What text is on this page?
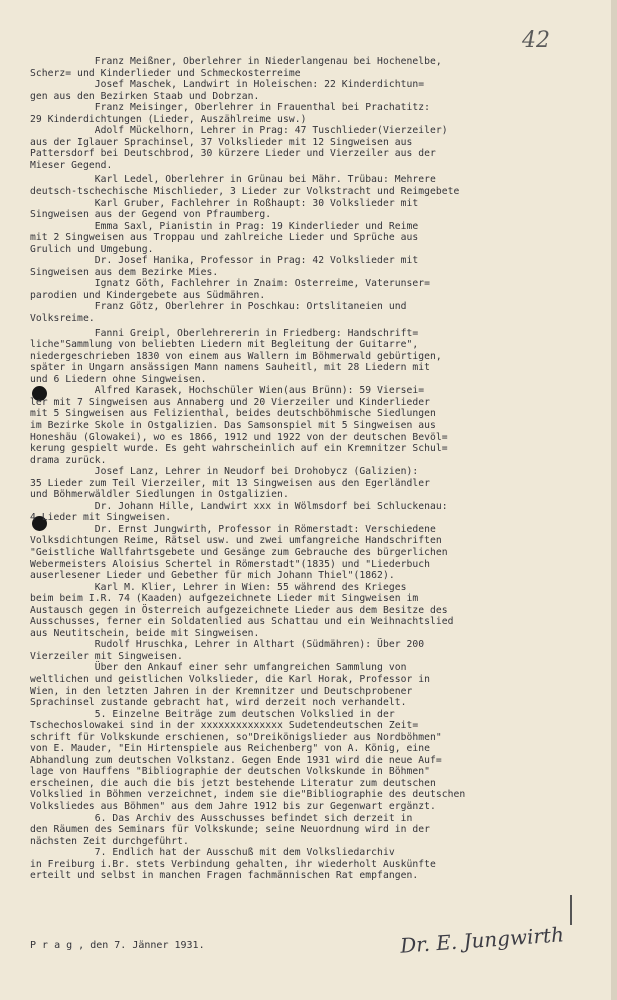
42
Franz Meißner, Oberlehrer in Niederlangenau bei Hochenelbe,
Scherz= und Kinderlieder und Schmeckosterreime
Josef Maschek, Landwirt in Holeischen: 22 Kinderdichtun=
gen aus den Bezirken Staab und Dobrzan.
Franz Meisinger, Oberlehrer in Frauenthal bei Prachatitz:
29 Kinderdichtungen (Lieder, Auszählreime usw.)
Adolf Mückelhorn, Lehrer in Prag: 47 Tuschlieder(Vierzeiler)
aus der Iglauer Sprachinsel, 37 Volkslieder mit 12 Singweisen aus
Pattersdorf bei Deutschbrod, 30 kürzere Lieder und Vierzeiler aus der
Mieser Gegend.
Karl Ledel, Oberlehrer in Grünau bei Mähr. Trübau: Mehrere
deutsch-tschechische Mischlieder, 3 Lieder zur Volkstracht und Reimgebete
Karl Gruber, Fachlehrer in Roßhaupt: 30 Volkslieder mit
Singweisen aus der Gegend von Pfraumberg.
Emma Saxl, Pianistin in Prag: 19 Kinderlieder und Reime
mit 2 Singweisen aus Troppau und zahlreiche Lieder und Sprüche aus
Grulich und Umgebung.
Dr. Josef Hanika, Professor in Prag: 42 Volkslieder mit
Singweisen aus dem Bezirke Mies.
Ignatz Göth, Fachlehrer in Znaim: Osterreime, Vaterunser=
parodien und Kindergebete aus Südmähren.
Franz Götz, Oberlehrer in Poschkau: Ortslitaneien und
Volksreime.
Fanni Greipl, Oberlehrererin in Friedberg: Handschrift=
liche"Sammlung von beliebten Liedern mit Begleitung der Guitarre",
niedergeschrieben 1830 von einem aus Wallern im Böhmerwald gebürtigen,
später in Ungarn ansässigen Mann namens Sauheitl, mit 28 Liedern mit
und 6 Liedern ohne Singweisen.
Alfred Karasek, Hochschüler Wien(aus Brünn): 59 Viersei=
ler mit 7 Singweisen aus Annaberg und 20 Vierzeiler und Kinderlieder
mit 5 Singweisen aus Felizienthal, beides deutschböhmische Siedlungen
im Bezirke Skole in Ostgalizien. Das Samsonspiel mit 5 Singweisen aus
Honeshäu (Glowakei), wo es 1866, 1912 und 1922 von der deutschen Bevöl=
kerung gespielt wurde. Es geht wahrscheinlich auf ein Kremnitzer Schul=
drama zurück.
Josef Lanz, Lehrer in Neudorf bei Drohobycz (Galizien):
35 Lieder zum Teil Vierzeiler, mit 13 Singweisen aus den Egerländler
und Böhmerwäldler Siedlungen in Ostgalizien.
Dr. Johann Hille, Landwirt xxx in Wölmsdorf bei Schluckenau:
4 Lieder mit Singweisen.
Dr. Ernst Jungwirth, Professor in Römerstadt: Verschiedene
Volksdichtungen Reime, Rätsel usw. und zwei umfangreiche Handschriften
"Geistliche Wallfahrtsgebete und Gesänge zum Gebrauche des bürgerlichen
Webermeisters Aloisius Schertel in Römerstadt"(1835) und "Liederbuch
auserlesener Lieder und Gebether für mich Johann Thiel"(1862).
Karl M. Klier, Lehrer in Wien: 55 während des Krieges
beim beim I.R. 74 (Kaaden) aufgezeichnete Lieder mit Singweisen im
Austausch gegen in Österreich aufgezeichnete Lieder aus dem Besitze des
Ausschusses, ferner ein Soldatenlied aus Schattau und ein Weihnachtslied
aus Neutitschein, beide mit Singweisen.
Rudolf Hruschka, Lehrer in Althart (Südmähren): Über 200
Vierzeiler mit Singweisen.
Über den Ankauf einer sehr umfangreichen Sammlung von
weltlichen und geistlichen Volkslieder, die Karl Horak, Professor in
Wien, in den letzten Jahren in der Kremnitzer und Deutschprobener
Sprachinsel zustande gebracht hat, wird derzeit noch verhandelt.
5. Einzelne Beiträge zum deutschen Volkslied in der
Tschechoslowakei sind in der xxxxxxxxxxxxxx Sudetendeutschen Zeit=
schrift für Volkskunde erschienen, so"Dreikönigslieder aus Nordböhmen"
von E. Mauder, "Ein Hirtenspiele aus Reichenberg" von A. König, eine
Abhandlung zum deutschen Volkstanz. Gegen Ende 1931 wird die neue Auf=
lage von Hauffens "Bibliographie der deutschen Volkskunde in Böhmen"
erscheinen, die auch die bis jetzt bestehende Literatur zum deutschen
Volkslied in Böhmen verzeichnet, indem sie die"Bibliographie des deutschen
Volksliedes aus Böhmen" aus dem Jahre 1912 bis zur Gegenwart ergänzt.
6. Das Archiv des Ausschusses befindet sich derzeit in
den Räumen des Seminars für Volkskunde; seine Neuordnung wird in der
nächsten Zeit durchgeführt.
7. Endlich hat der Ausschuß mit dem Volksliedarchiv
in Freiburg i.Br. stets Verbindung gehalten, ihr wiederholt Auskünfte
erteilt und selbst in manchen Fragen fachmännischen Rat empfangen.
P r a g , den 7. Jänner 1931.	Dr. E. Jungwirth
